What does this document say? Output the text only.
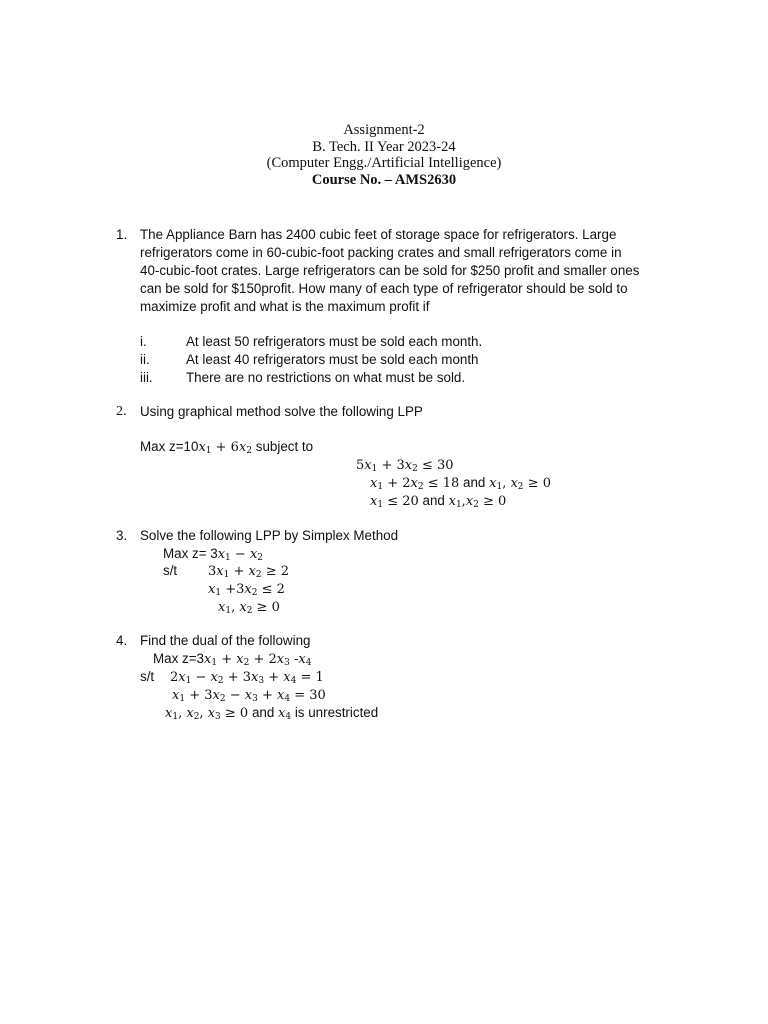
Assignment-2
B. Tech. II Year 2023-24
(Computer Engg./Artificial Intelligence)
Course No. – AMS2630
1. The Appliance Barn has 2400 cubic feet of storage space for refrigerators. Large
refrigerators come in 60-cubic-foot packing crates and small refrigerators come in
40-cubic-foot crates. Large refrigerators can be sold for $250 profit and smaller ones
can be sold for $150profit. How many of each type of refrigerator should be sold to
maximize profit and what is the maximum profit if
i.	At least 50 refrigerators must be sold each month.
ii.	At least 40 refrigerators must be sold each month
iii. There are no restrictions on what must be sold.
2. Using graphical method solve the following LPP
Max $z=10x_1 + 6x_2$ subject to
$5x_1 + 3x_2 \le 30$
$x_1 + 2x_2 \le 18$ and $x_1$, $x_2 \ge 0$
$x_1 \le 20$ and $x_1,x_2 \ge 0$
3. Solve the following LPP by Simplex Method
Max $z= 3x_1 - x_2$
s/t $3x_1 + x_2 \ge 2$
$x_1 +3x_2 \le 2$
$x_1$, $x_2 \ge 0$
4. Find the dual of the following
Max $z=3x_1 + x_2 + 2x_3$ $-x_4$
s/t $2x_1 - x_2 + 3x_3 + x_4 = 1$
$x_1 + 3x_2 - x_3 + x_4 = 30$
$x_1$, $x_2$, $x_3 \ge 0$ and $x_4$ is unrestricted
